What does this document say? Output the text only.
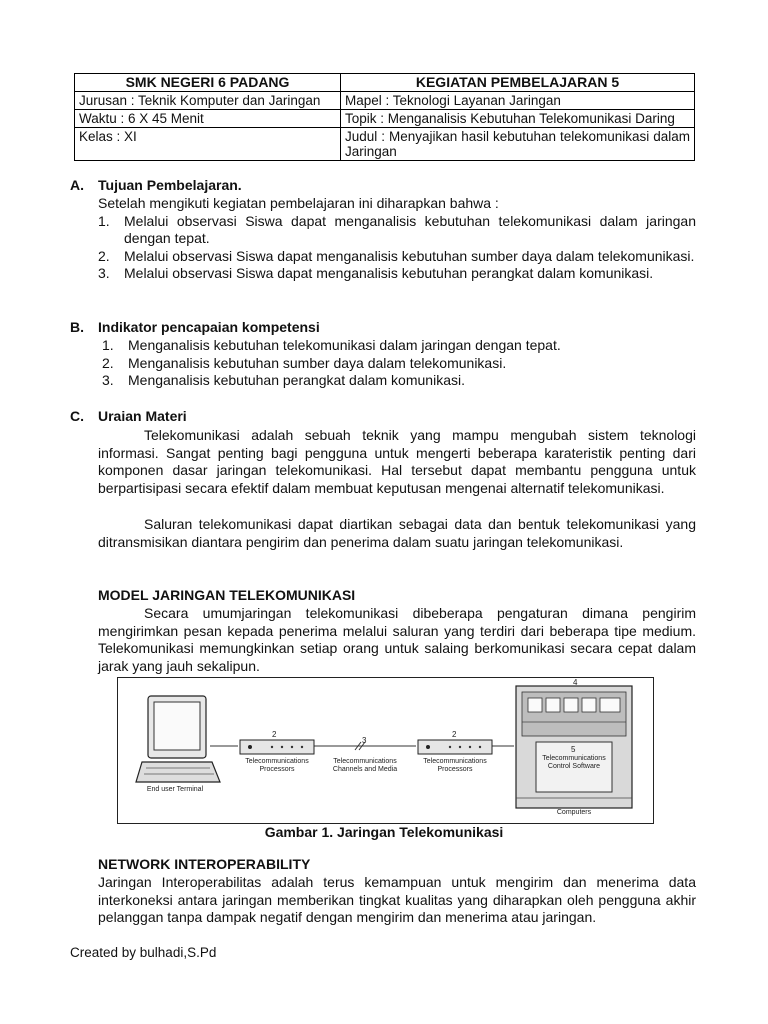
SMK NEGERI 6 PADANG	KEGIATAN PEMBELAJARAN 5
Jurusan : Teknik Komputer dan Jaringan	Mapel : Teknologi Layanan Jaringan
Waktu : 6 X 45 Menit	Topik : Menganalisis Kebutuhan Telekomunikasi Daring
Kelas : XI	Judul : Menyajikan hasil kebutuhan telekomunikasi dalam Jaringan
A. Tujuan Pembelajaran.
Setelah mengikuti kegiatan pembelajaran ini diharapkan bahwa :
1. Melalui observasi Siswa dapat menganalisis kebutuhan telekomunikasi dalam jaringan dengan tepat.
2. Melalui observasi Siswa dapat menganalisis kebutuhan sumber daya dalam telekomunikasi.
3. Melalui observasi Siswa dapat menganalisis kebutuhan perangkat dalam komunikasi.
B. Indikator pencapaian kompetensi
1. Menganalisis kebutuhan telekomunikasi dalam jaringan dengan tepat.
2. Menganalisis kebutuhan sumber daya dalam telekomunikasi.
3. Menganalisis kebutuhan perangkat dalam komunikasi.
C. Uraian Materi
Telekomunikasi adalah sebuah teknik yang mampu mengubah sistem teknologi informasi. Sangat penting bagi pengguna untuk mengerti beberapa karateristik penting dari komponen dasar jaringan telekomunikasi. Hal tersebut dapat membantu pengguna untuk berpartisipasi secara efektif dalam membuat keputusan mengenai alternatif telekomunikasi.
Saluran telekomunikasi dapat diartikan sebagai data dan bentuk telekomunikasi yang ditransmisikan diantara pengirim dan penerima dalam suatu jaringan telekomunikasi.
MODEL JARINGAN TELEKOMUNIKASI
Secara umumjaringan telekomunikasi dibeberapa pengaturan dimana pengirim mengirimkan pesan kepada penerima melalui saluran yang terdiri dari beberapa tipe medium. Telekomunikasi memungkinkan setiap orang untuk salaing berkomunikasi secara cepat dalam jarak yang jauh sekalipun.
End user Terminal
2
Telecommunications Processors
3
Telecommunications Channels and Media
2
Telecommunications Processors
4
5
Telecommunications Control Software
Computers
Gambar 1. Jaringan Telekomunikasi
NETWORK INTEROPERABILITY
Jaringan Interoperabilitas adalah terus kemampuan untuk mengirim dan menerima data interkoneksi antara jaringan memberikan tingkat kualitas yang diharapkan oleh pengguna akhir pelanggan tanpa dampak negatif dengan mengirim dan menerima atau jaringan.
Created by bulhadi,S.Pd
